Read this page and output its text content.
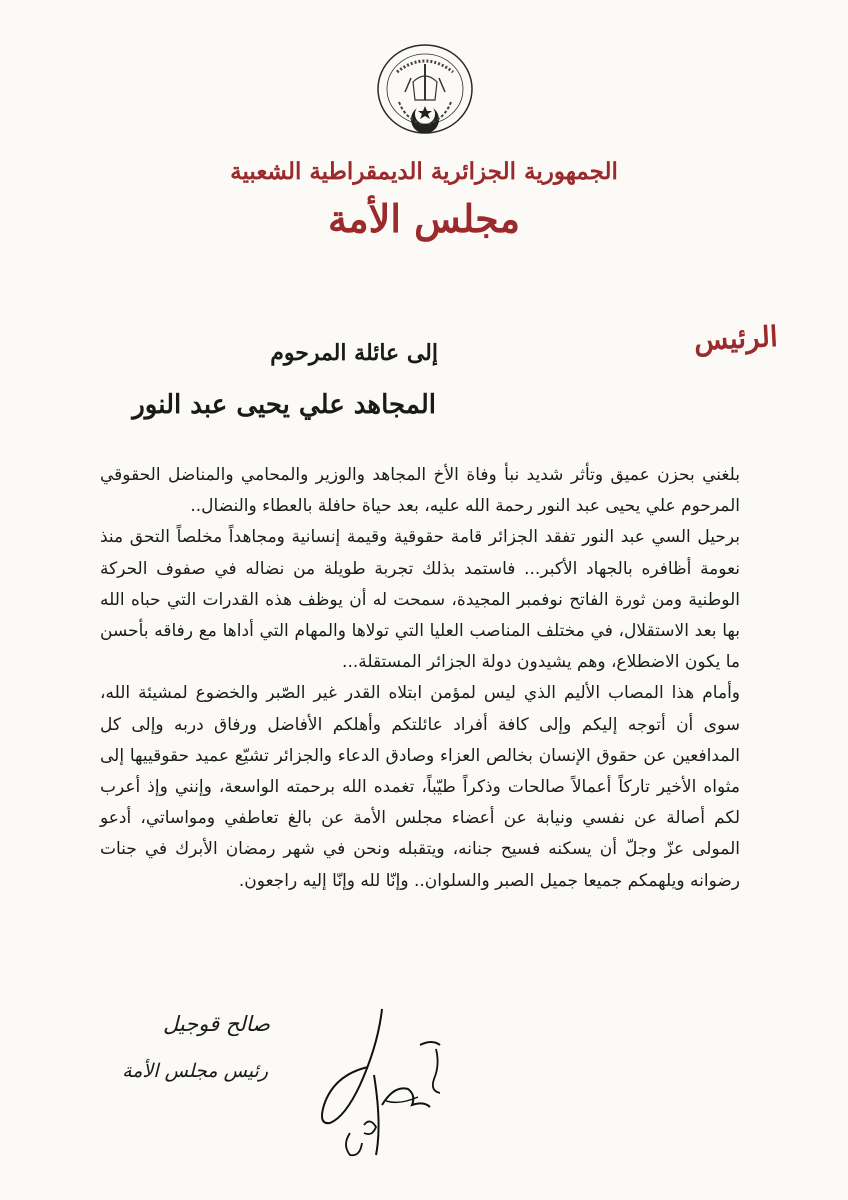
الجمهورية الجزائرية الديمقراطية الشعبية
مجلس الأمة
الرئيس
إلى عائلة المرحوم
المجاهد علي يحيى عبد النور

بلغني بحزن عميق وتأثر شديد نبأ وفاة الأخ المجاهد والوزير والمحامي والمناضل الحقوقي المرحوم علي يحيى عبد النور رحمة الله عليه، بعد حياة حافلة بالعطاء والنضال..

برحيل السي عبد النور تفقد الجزائر قامة حقوقية وقيمة إنسانية ومجاهداً مخلصاً التحق منذ نعومة أظافره بالجهاد الأكبر... فاستمد بذلك تجربة طويلة من نضاله في صفوف الحركة الوطنية ومن ثورة الفاتح نوفمبر المجيدة، سمحت له أن يوظف هذه القدرات التي حباه الله بها بعد الاستقلال، في مختلف المناصب العليا التي تولاها والمهام التي أداها مع رفاقه بأحسن ما يكون الاضطلاع، وهم يشيدون دولة الجزائر المستقلة...

وأمام هذا المصاب الأليم الذي ليس لمؤمن ابتلاه القدر غير الصّبر والخضوع لمشيئة الله، سوى أن أتوجه إليكم وإلى كافة أفراد عائلتكم وأهلكم الأفاضل ورفاق دربه وإلى كل المدافعين عن حقوق الإنسان بخالص العزاء وصادق الدعاء والجزائر تشيّع عميد حقوقييها إلى مثواه الأخير تاركاً أعمالاً صالحات وذكراً طيّباً، تغمده الله برحمته الواسعة، وإنني وإذ أعرب لكم أصالة عن نفسي ونيابة عن أعضاء مجلس الأمة عن بالغ تعاطفي ومواساتي، أدعو المولى عزّ وجلّ أن يسكنه فسيح جنانه، ويتقبله ونحن في شهر رمضان الأبرك في جنات رضوانه ويلهمكم جميعا جميل الصبر والسلوان.. وإنّا لله وإنّا إليه راجعون.

صالح قوجيل
رئيس مجلس الأمة
